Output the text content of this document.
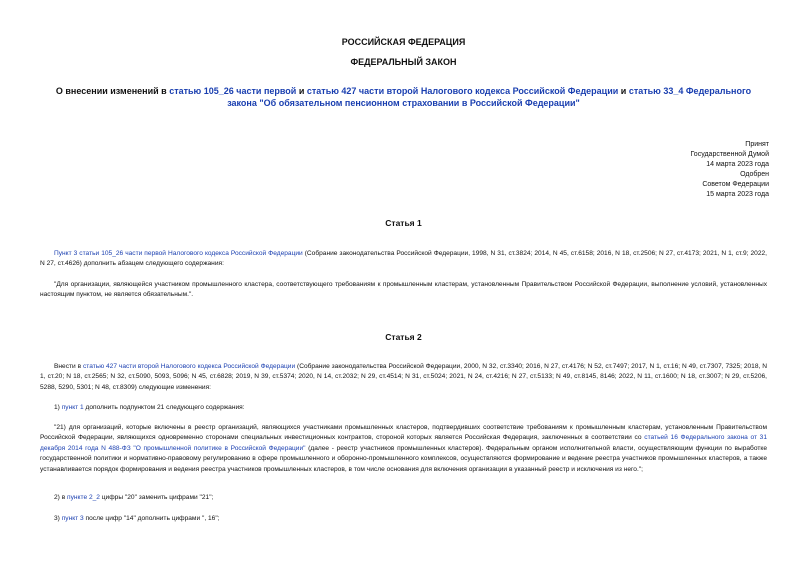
РОССИЙСКАЯ ФЕДЕРАЦИЯ
ФЕДЕРАЛЬНЫЙ ЗАКОН
О внесении изменений в статью 105_26 части первой и статью 427 части второй Налогового кодекса Российской Федерации и статью 33_4 Федерального закона "Об обязательном пенсионном страховании в Российской Федерации"
Принят
Государственной Думой
14 марта 2023 года
Одобрен
Советом Федерации
15 марта 2023 года
Статья 1
Пункт 3 статьи 105_26 части первой Налогового кодекса Российской Федерации (Собрание законодательства Российской Федерации, 1998, N 31, ст.3824; 2014, N 45, ст.6158; 2016, N 18, ст.2506; N 27, ст.4173; 2021, N 1, ст.9; 2022, N 27, ст.4626) дополнить абзацем следующего содержания:
"Для организации, являющейся участником промышленного кластера, соответствующего требованиям к промышленным кластерам, установленным Правительством Российской Федерации, выполнение условий, установленных настоящим пунктом, не является обязательным.".
Статья 2
Внести в статью 427 части второй Налогового кодекса Российской Федерации (Собрание законодательства Российской Федерации, 2000, N 32, ст.3340; 2016, N 27, ст.4176; N 52, ст.7497; 2017, N 1, ст.16; N 49, ст.7307, 7325; 2018, N 1, ст.20; N 18, ст.2565; N 32, ст.5090, 5093, 5096; N 45, ст.6828; 2019, N 39, ст.5374; 2020, N 14, ст.2032; N 29, ст.4514; N 31, ст.5024; 2021, N 24, ст.4216; N 27, ст.5133; N 49, ст.8145, 8146; 2022, N 11, ст.1600; N 18, ст.3007; N 29, ст.5206, 5288, 5290, 5301; N 48, ст.8309) следующие изменения:
1) пункт 1 дополнить подпунктом 21 следующего содержания:
"21) для организаций, которые включены в реестр организаций, являющихся участниками промышленных кластеров, подтвердивших соответствие требованиям к промышленным кластерам, установленным Правительством Российской Федерации, являющихся одновременно сторонами специальных инвестиционных контрактов, стороной которых является Российская Федерация, заключенных в соответствии со статьей 16 Федерального закона от 31 декабря 2014 года N 488-ФЗ "О промышленной политике в Российской Федерации" (далее - реестр участников промышленных кластеров). Федеральным органом исполнительной власти, осуществляющим функции по выработке государственной политики и нормативно-правовому регулированию в сфере промышленного и оборонно-промышленного комплексов, осуществляются формирование и ведение реестра участников промышленных кластеров, а также устанавливается порядок формирования и ведения реестра участников промышленных кластеров, в том числе основания для включения организации в указанный реестр и исключения из него.";
2) в пункте 2_2 цифры "20" заменить цифрами "21";
3) пункт 3 после цифр "14" дополнить цифрами ", 16";
